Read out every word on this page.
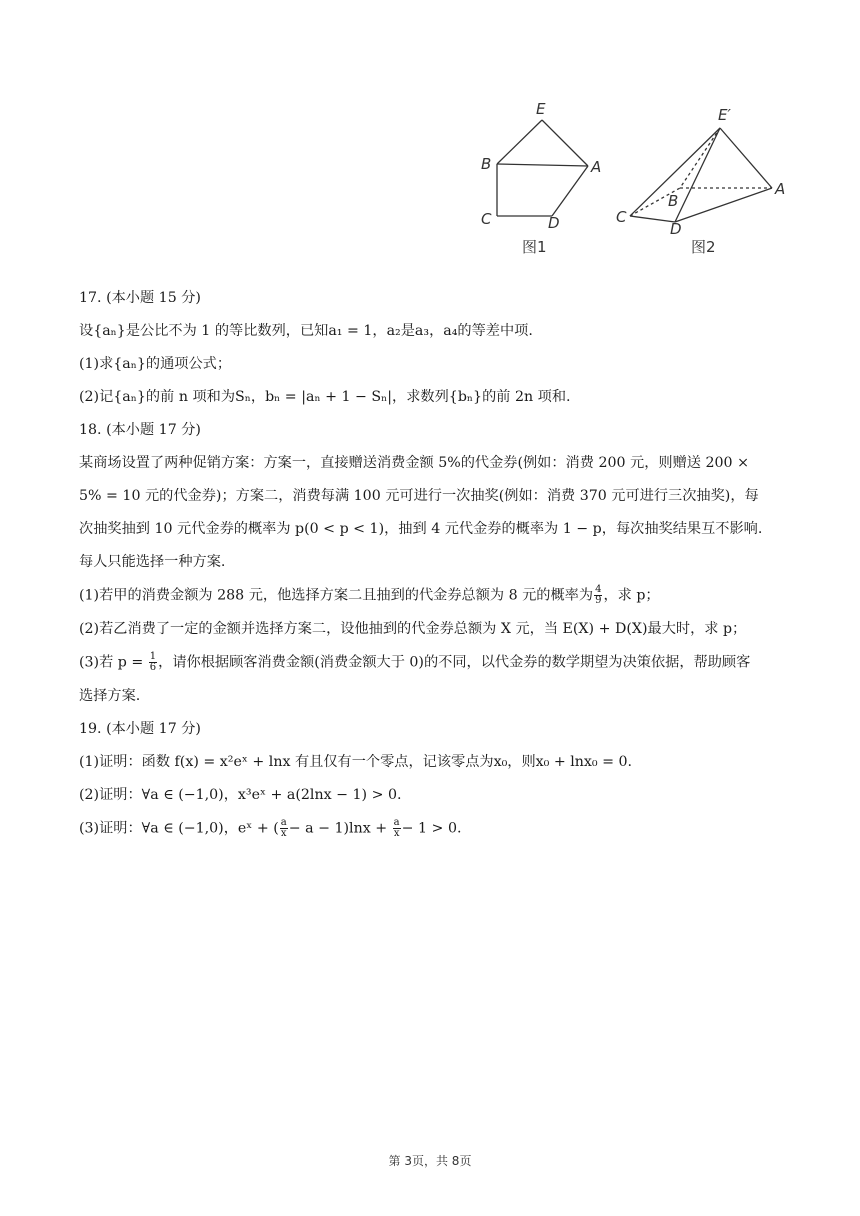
E
B	A
C	D
图1
E′
B
A
C
D
图2

17. (本小题 15 分)

设{aₙ}是公比不为 1 的等比数列，已知a₁ = 1，a₂是a₃，a₄的等差中项.

(1)求{aₙ}的通项公式；

(2)记{aₙ}的前 n 项和为Sₙ，bₙ = |aₙ + 1 − Sₙ|，求数列{bₙ}的前 2n 项和.

18. (本小题 17 分)

某商场设置了两种促销方案：方案一，直接赠送消费金额 5%的代金券(例如：消费 200 元，则赠送 200 ×

5% = 10 元的代金券)；方案二，消费每满 100 元可进行一次抽奖(例如：消费 370 元可进行三次抽奖)，每

次抽奖抽到 10 元代金券的概率为 p(0 < p < 1)，抽到 4 元代金券的概率为 1 − p，每次抽奖结果互不影响.

每人只能选择一种方案.

(1)若甲的消费金额为 288 元，他选择方案二且抽到的代金券总额为 8 元的概率为 $\frac{4}{9}$ ，求 p；

(2)若乙消费了一定的金额并选择方案二，设他抽到的代金券总额为 X 元，当 E(X) + D(X)最大时，求 p；

(3)若 $p = \frac{1}{6}$ ，请你根据顾客消费金额(消费金额大于 0)的不同，以代金券的数学期望为决策依据，帮助顾客

选择方案.

19. (本小题 17 分)

(1)证明：函数 f(x) = x²eˣ + lnx 有且仅有一个零点，记该零点为x₀，则x₀ + lnx₀ = 0.

(2)证明：∀a ∈ (−1,0)，x³eˣ + a(2lnx − 1) > 0.

(3)证明：∀a ∈ (−1,0)，eˣ + ( $\frac{a}{x} - a - 1)\ln x + \frac{a}{x} - 1 > 0$.

第 3页，共 8页
